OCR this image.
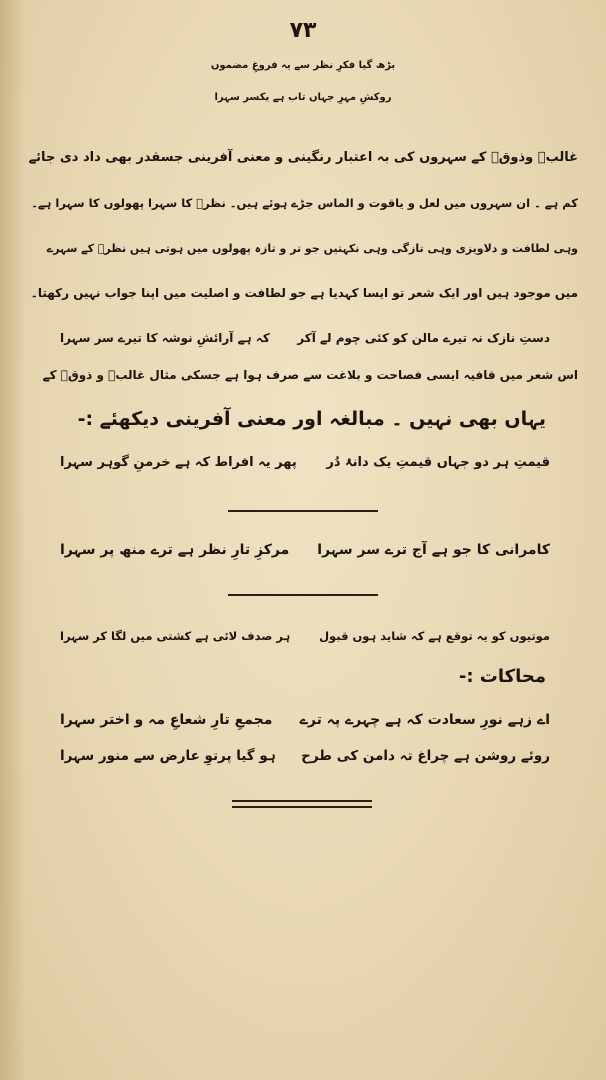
۷۳
بڑھ گیا فکرِ نظر سے یہ فروغِ مضموں
روکشِ مہرِ جہاں تاب ہے یکسر سہرا
غالبؔ وذوقؔ کے سہروں کی بہ اعتبار رنگینی و معنی آفرینی جسقدر بھی داد دی جائے
کم ہے ۔ ان سہروں میں لعل و یاقوت و الماس جڑے ہوئے ہیں۔ نظرؔ کا سہرا پھولوں کا سہرا ہے۔
وہی لطافت و دلاویزی وہی تازگی وہی نکہتیں جو تر و تازہ پھولوں میں ہوتی ہیں نظرؔ کے سہرے
میں موجود ہیں اور ایک شعر تو ایسا کہدیا ہے جو لطافت و اصلیت میں اپنا جواب نہیں رکھتا۔
دستِ نازک نہ تیرے مالن کو کئی چوم لے آکر
کہ ہے آرائشِ نوشہ کا تیرے سر سہرا
اس شعر میں قافیہ ایسی فصاحت و بلاغت سے صرف ہوا ہے جسکی مثال غالبؔ و ذوقؔ کے
یہاں بھی نہیں ۔ مبالغہ اور معنی آفرینی دیکھئے :-
قیمتِ ہر دو جہاں قیمتِ یک دانۂ دُر
پھر یہ افراط کہ ہے خرمنِ گوہر سہرا
کامرانی کا جو ہے آج ترے سر سہرا
مرکزِ تارِ نظر ہے ترے منھ پر سہرا
موتیوں کو یہ توقع ہے کہ شاید ہوں قبول
ہر صدف لائی ہے کشتی میں لگا کر سہرا
محاکات :-
اے زہے نورِ سعادت کہ ہے چہرے پہ ترے
مجمعِ تارِ شعاعِ مہ و اختر سہرا
روئے روشن ہے چراغ تہ دامن کی طرح
ہو گیا پرتوِ عارض سے منور سہرا
